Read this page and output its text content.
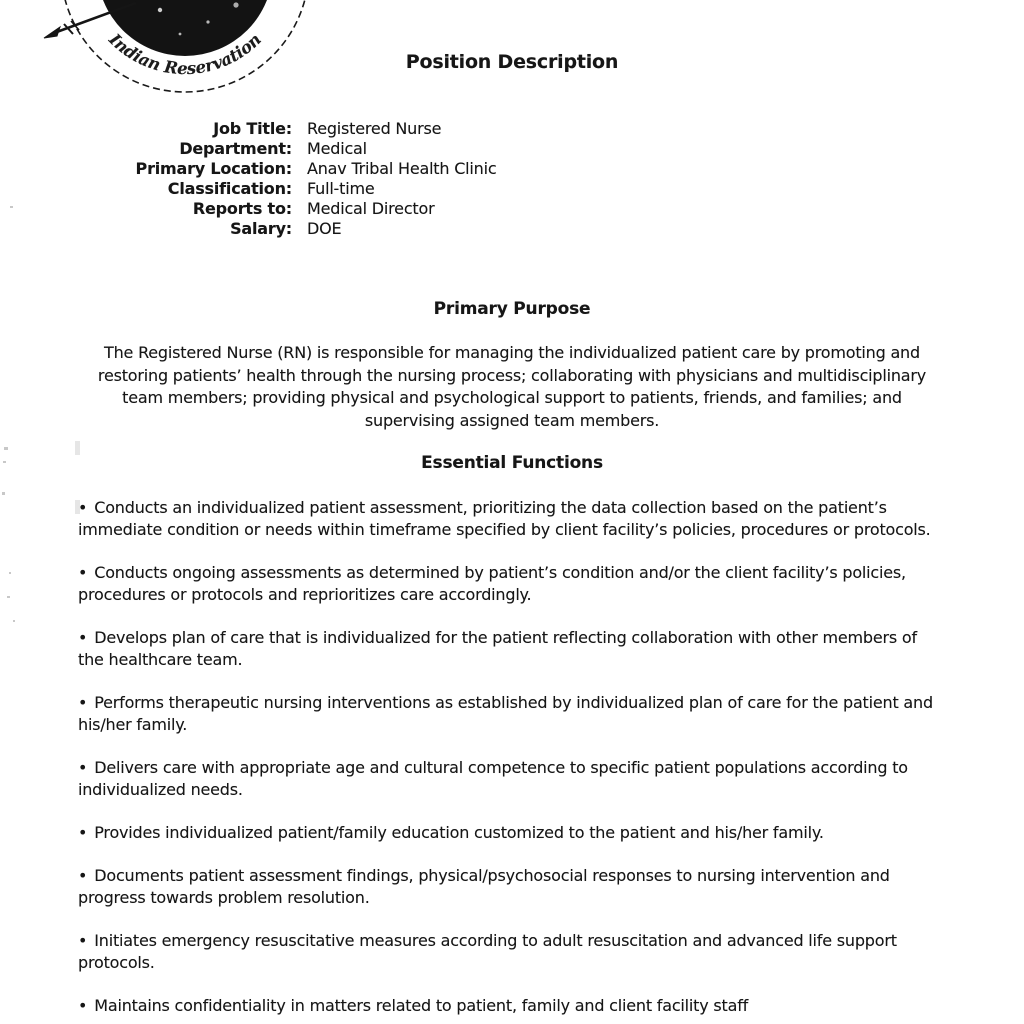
Indian Reservation
Position Description
Job Title: Registered Nurse
Department: Medical
Primary Location: Anav Tribal Health Clinic
Classification: Full-time
Reports to: Medical Director
Salary: DOE
Primary Purpose

The Registered Nurse (RN) is responsible for managing the individualized patient care by promoting and restoring patients’ health through the nursing process; collaborating with physicians and multidisciplinary team members; providing physical and psychological support to patients, friends, and families; and supervising assigned team members.

Essential Functions

• Conducts an individualized patient assessment, prioritizing the data collection based on the patient’s immediate condition or needs within timeframe specified by client facility’s policies, procedures or protocols.

• Conducts ongoing assessments as determined by patient’s condition and/or the client facility’s policies, procedures or protocols and reprioritizes care accordingly.

• Develops plan of care that is individualized for the patient reflecting collaboration with other members of the healthcare team.

• Performs therapeutic nursing interventions as established by individualized plan of care for the patient and his/her family.

• Delivers care with appropriate age and cultural competence to specific patient populations according to individualized needs.

• Provides individualized patient/family education customized to the patient and his/her family.

• Documents patient assessment findings, physical/psychosocial responses to nursing intervention and progress towards problem resolution.

• Initiates emergency resuscitative measures according to adult resuscitation and advanced life support protocols.

• Maintains confidentiality in matters related to patient, family and client facility staff
